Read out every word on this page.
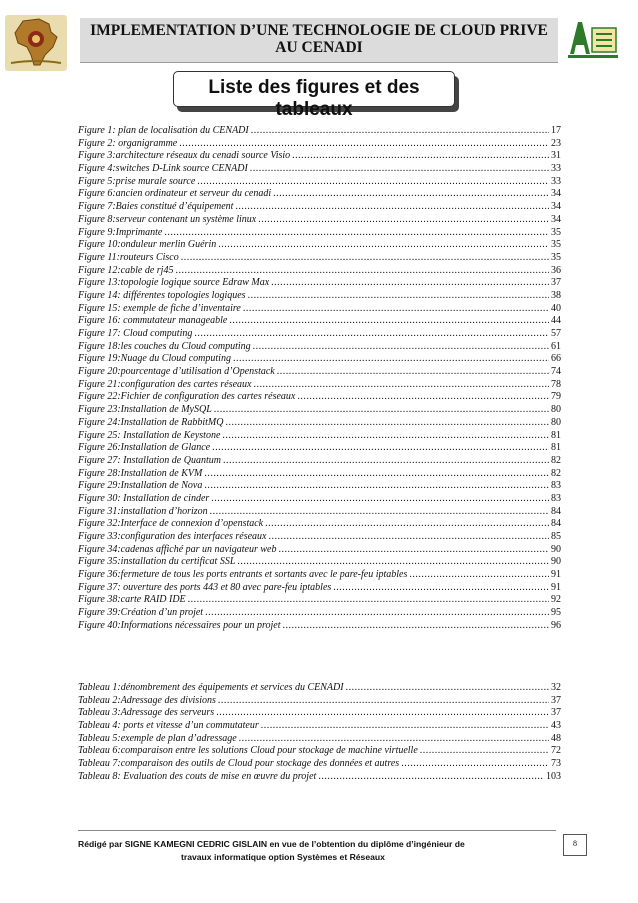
IMPLEMENTATION D’UNE TECHNOLOGIE DE CLOUD PRIVE AU CENADI
Liste des figures et des tableaux
Figure 1: plan de localisation du CENADI .....	17
Figure 2: organigramme .....	23
Figure 3:architecture réseaux du cenadi source Visio .....	31
Figure 4:switches D-Link source CENADI .....	33
Figure 5:prise murale source .....	33
Figure 6:ancien ordinateur et serveur du cenadi .....	34
Figure 7:Baies constitué d’équipement .....	34
Figure 8:serveur contenant un système linux .....	34
Figure 9:Imprimante .....	35
Figure 10:onduleur merlin Guérin .....	35
Figure 11:routeurs Cisco .....	35
Figure 12:cable de rj45 .....	36
Figure 13:topologie logique source Edraw Max .....	37
Figure 14: différentes topologies logiques .....	38
Figure 15: exemple de fiche d’inventaire .....	40
Figure 16: commutateur manageable .....	44
Figure 17: Cloud computing .....	57
Figure 18:les couches du Cloud computing .....	61
Figure 19:Nuage du Cloud computing .....	66
Figure 20:pourcentage d’utilisation d’Openstack .....	74
Figure 21:configuration des cartes réseaux .....	78
Figure 22:Fichier de configuration des cartes réseaux .....	79
Figure 23:Installation de MySQL .....	80
Figure 24:Installation de RabbitMQ .....	80
Figure 25: Installation de Keystone .....	81
Figure 26:Installation de Glance .....	81
Figure 27: Installation de Quantum .....	82
Figure 28:Installation de KVM .....	82
Figure 29:Installation de Nova .....	83
Figure 30: Installation de cinder .....	83
Figure 31:installation d’horizon .....	84
Figure 32:Interface de connexion d’openstack .....	84
Figure 33:configuration des interfaces réseaux .....	85
Figure 34:cadenas affiché par un navigateur web .....	90
Figure 35:installation du certificat SSL .....	90
Figure 36:fermeture de tous les ports entrants et sortants avec le pare-feu iptables .....	91
Figure 37: ouverture des ports 443 et 80 avec pare-feu iptables .....	91
Figure 38:carte RAID IDE .....	92
Figure 39:Création d’un projet .....	95
Figure 40:Informations nécessaires pour un projet .....	96
Tableau 1:dénombrement des équipements et services du CENADI .....	32
Tableau 2:Adressage des divisions .....	37
Tableau 3:Adressage des serveurs .....	37
Tableau 4: ports et vitesse d’un commutateur .....	43
Tableau 5:exemple de plan d’adressage .....	48
Tableau 6:comparaison entre les solutions Cloud pour stockage de machine virtuelle .....	72
Tableau 7:comparaison des outils de Cloud pour stockage des données et autres .....	73
Tableau 8: Evaluation des couts de mise en œuvre du projet .....	103
Rédigé par SIGNE KAMEGNI CEDRIC GISLAIN en vue de l’obtention du diplôme d’ingénieur de
travaux informatique option Systèmes et Réseaux
8
